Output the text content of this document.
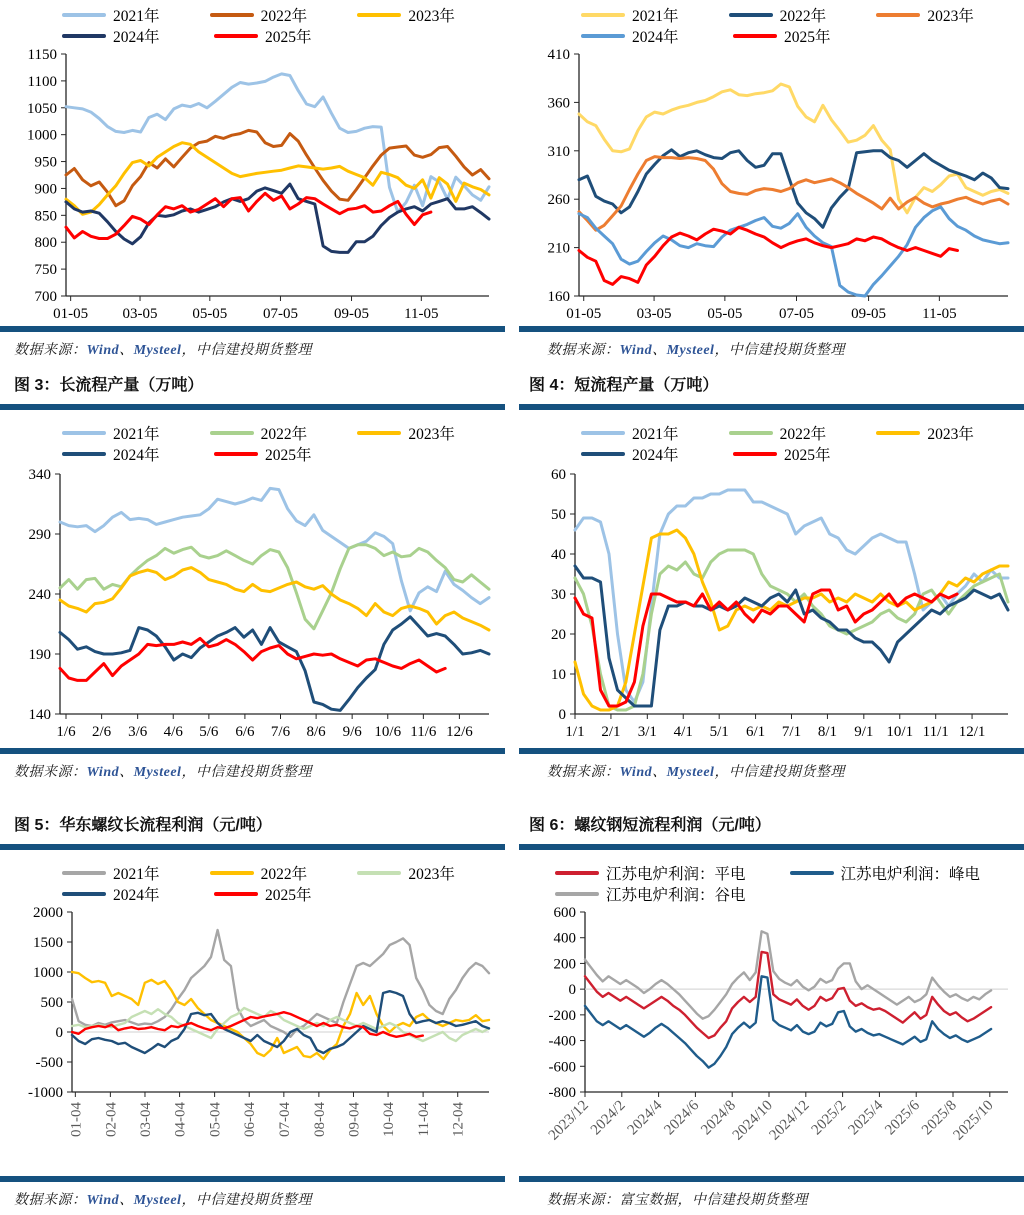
2021年	2022年	2023年
2024年	2025年
700
750
800
850
900
950
1000
1050
1100
1150
01-05 03-05 05-05 07-05 09-05 11-05
数据来源：Wind、Mysteel，中信建投期货整理
图 3：长流程产量（万吨）
2021年	2022年	2023年
2024年	2025年
160
210
260
310
360
410
01-05 03-05 05-05 07-05 09-05 11-05
数据来源：Wind、Mysteel，中信建投期货整理
图 4：短流程产量（万吨）
2021年	2022年	2023年
2024年	2025年
140
190
240
290
340
1/6 2/6 3/6 4/6 5/6 6/6 7/6 8/6 9/6 10/6 11/6 12/6
数据来源：Wind、Mysteel，中信建投期货整理
图 5：华东螺纹长流程利润（元/吨）
2021年	2022年	2023年
2024年	2025年
0
10
20
30
40
50
60
1/1 2/1 3/1 4/1 5/1 6/1 7/1 8/1 9/1 10/1 11/1 12/1
数据来源：Wind、Mysteel，中信建投期货整理
图 6：螺纹钢短流程利润（元/吨）
2021年	2022年	2023年
2024年	2025年
-1000
-500
0
500
1000
1500
2000
01-04 02-04 03-04 04-04 05-04 06-04 07-04 08-04 09-04 10-04 11-04 12-04
数据来源：Wind、Mysteel，中信建投期货整理
江苏电炉利润：平电	江苏电炉利润：峰电
江苏电炉利润：谷电
-800
-600
-400
-200
0
200
400
600
2023/12
2024/2
2024/4
2024/6
2024/8
2024/10
2024/12
2025/2
2025/4
2025/6
2025/8
2025/10
数据来源：富宝数据，中信建投期货整理
